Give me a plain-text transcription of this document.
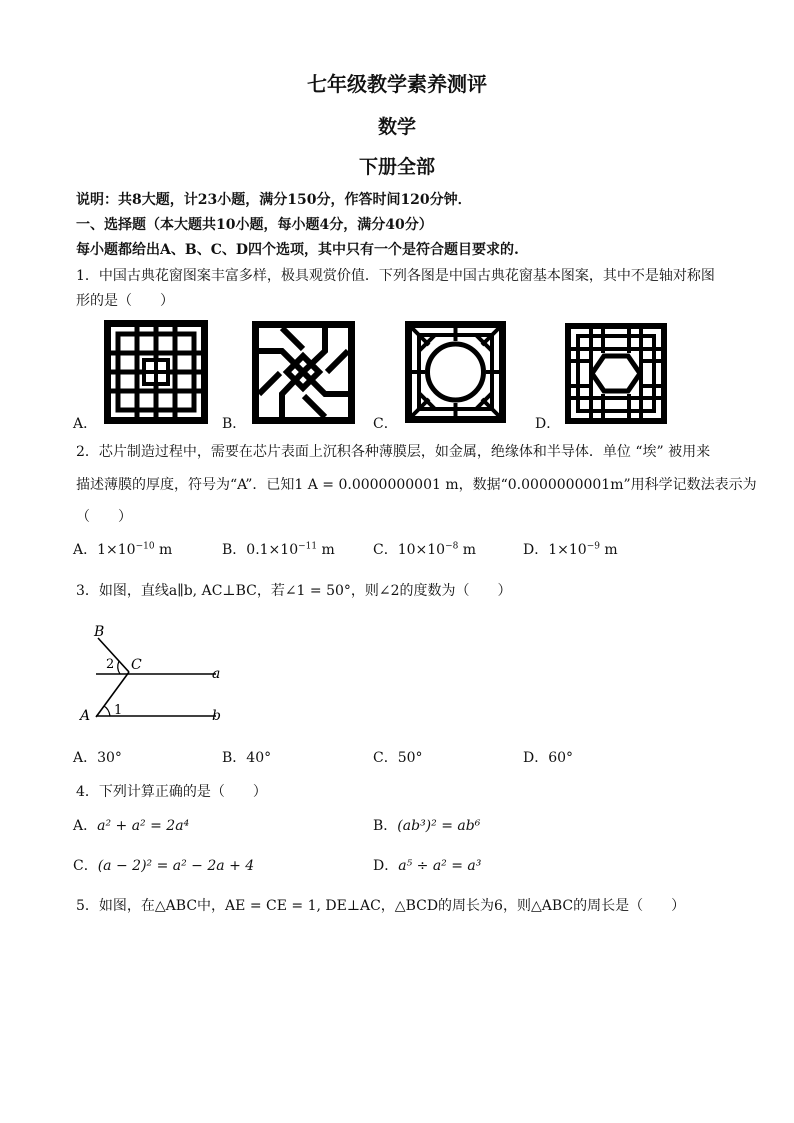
七年级教学素养测评
数学
下册全部
说明：共8大题，计23小题，满分150分，作答时间120分钟．
一、选择题（本大题共10小题，每小题4分，满分40分）
每小题都给出A、B、C、D四个选项，其中只有一个是符合题目要求的.
1．中国古典花窗图案丰富多样，极具观赏价值．下列各图是中国古典花窗基本图案，其中不是轴对称图
形的是（　　）
A．	B．	C．	D．
2．芯片制造过程中，需要在芯片表面上沉积各种薄膜层，如金属，绝缘体和半导体．单位 “埃” 被用来
描述薄膜的厚度，符号为“A”．已知1 A = 0.0000000001 m，数据“0.0000000001m”用科学记数法表示为
（　　）
A．$1\times 10^{-10}$ m	B．$0.1\times 10^{-11}$ m	C．$10\times 10^{-8}$ m	D．$1\times 10^{-9}$ m
3．如图，直线a∥b, AC⊥BC，若∠1 = 50°，则∠2的度数为（　　）
B
C
A
a
b
2
1
A．30°	B．40°	C．50°	D．60°
4．下列计算正确的是（　　）
A．a² + a² = 2a⁴	B．(ab³)² = ab⁶
C．(a − 2)² = a² − 2a + 4	D．a⁵ ÷ a² = a³
5．如图，在△ABC中，AE = CE = 1, DE⊥AC，△BCD的周长为6，则△ABC的周长是（　　）
